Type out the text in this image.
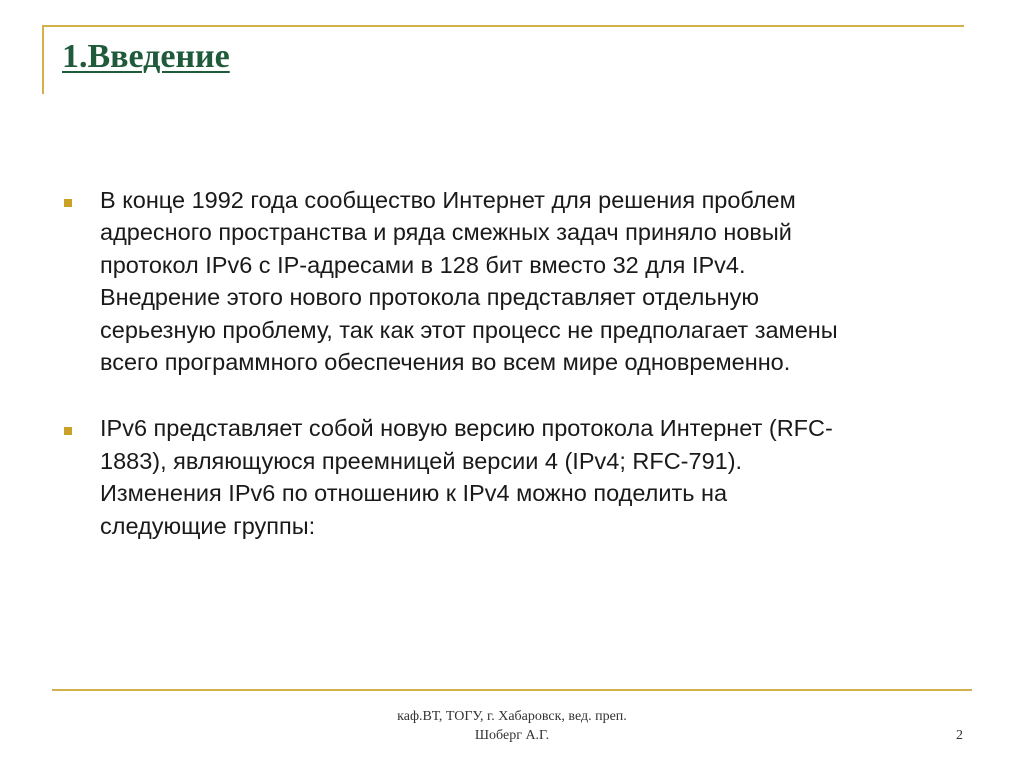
1.Введение
В конце 1992 года сообщество Интернет для решения проблем
адресного пространства и ряда смежных задач приняло новый
протокол IPv6 с IP-адресами в 128 бит вместо 32 для IPv4.
Внедрение этого нового протокола представляет отдельную
серьезную проблему, так как этот процесс не предполагает замены
всего программного обеспечения во всем мире одновременно.
IPv6 представляет собой новую версию протокола Интернет (RFC-
1883), являющуюся преемницей версии 4 (IPv4; RFC-791).
Изменения IPv6 по отношению к IPv4 можно поделить на
следующие группы:
каф.ВТ, ТОГУ, г. Хабаровск, вед. преп.
Шоберг А.Г.	2
